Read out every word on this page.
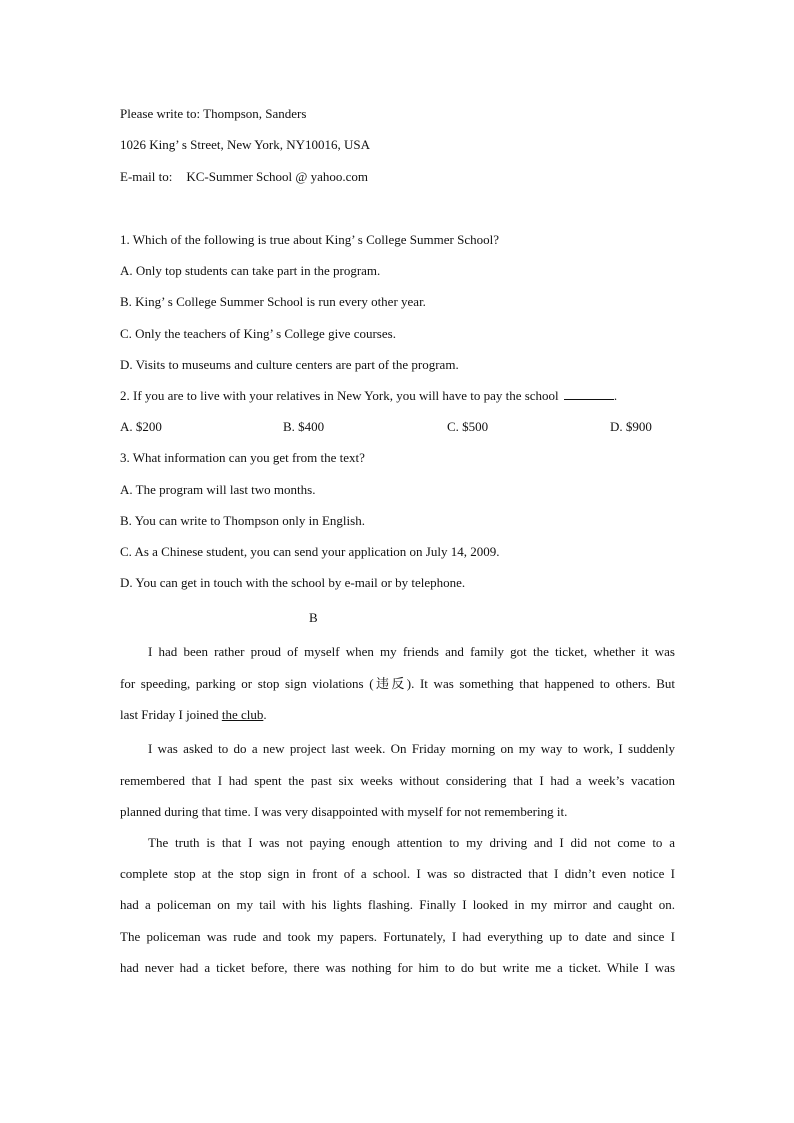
Please write to: Thompson, Sanders
1026 King’ s Street, New York, NY10016, USA
E-mail to: KC-Summer School @ yahoo.com
1. Which of the following is true about King’ s College Summer School?
A. Only top students can take part in the program.
B. King’ s College Summer School is run every other year.
C. Only the teachers of King’ s College give courses.
D. Visits to museums and culture centers are part of the program.
2. If you are to live with your relatives in New York, you will have to pay the school	.
A. $200	B. $400	C. $500	D. $900
3. What information can you get from the text?
A. The program will last two months.
B. You can write to Thompson only in English.
C. As a Chinese student, you can send your application on July 14, 2009.
D. You can get in touch with the school by e-mail or by telephone.
B
I had been rather proud of myself when my friends and family got the ticket, whether it was
for speeding, parking or stop sign violations (违反). It was something that happened to others. But
last Friday I joined the club.
I was asked to do a new project last week. On Friday morning on my way to work, I suddenly
remembered that I had spent the past six weeks without considering that I had a week’s vacation
planned during that time. I was very disappointed with myself for not remembering it.
The truth is that I was not paying enough attention to my driving and I did not come to a
complete stop at the stop sign in front of a school. I was so distracted that I didn’t even notice I
had a policeman on my tail with his lights flashing. Finally I looked in my mirror and caught on.
The policeman was rude and took my papers. Fortunately, I had everything up to date and since I
had never had a ticket before, there was nothing for him to do but write me a ticket. While I was
